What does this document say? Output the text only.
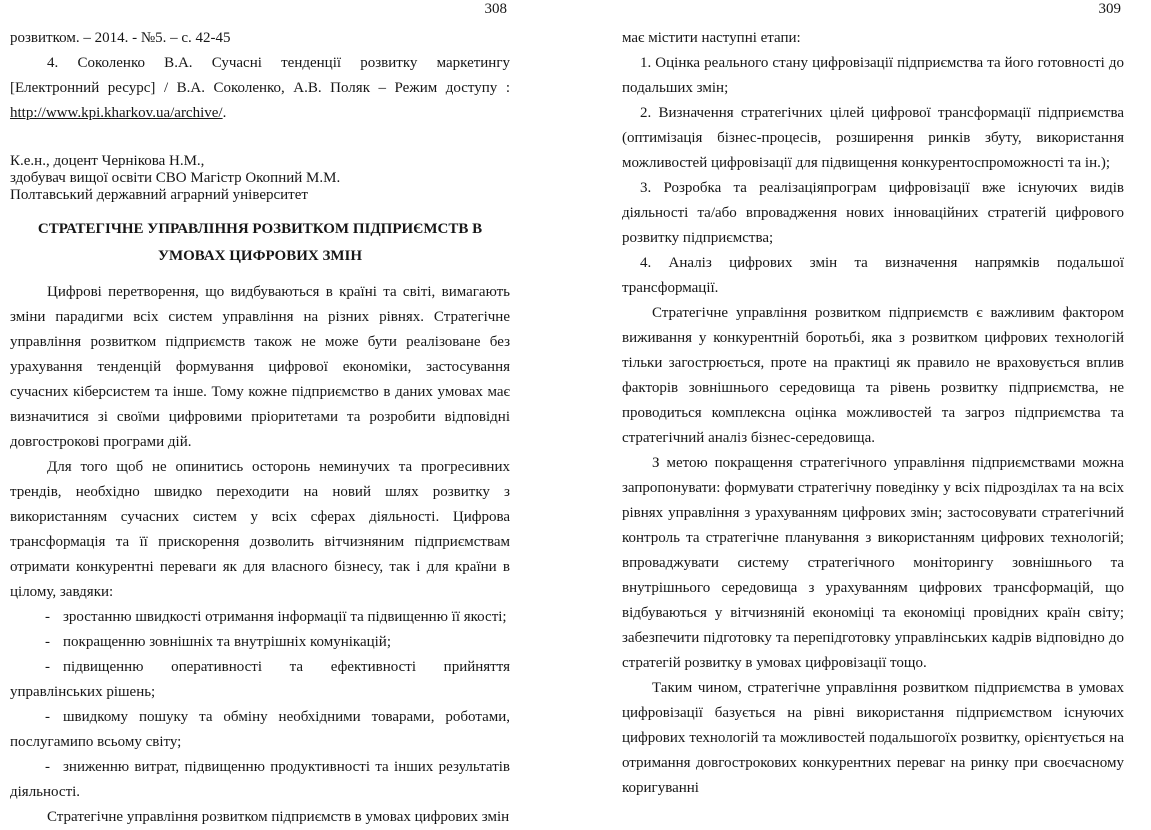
308

розвитком. – 2014. - №5. – с. 42-45

4. Соколенко В.А. Сучасні тенденції розвитку маркетингу [Електронний ресурс] / В.А. Соколенко, А.В. Поляк – Режим доступу : http://www.kpi.kharkov.ua/archive/.

К.е.н., доцент Чернікова Н.М.,

здобувач вищої освіти СВО Магістр Окопний М.М.

Полтавський державний аграрний університет

СТРАТЕГІЧНЕ УПРАВЛІННЯ РОЗВИТКОМ ПІДПРИЄМСТВ В

УМОВАХ ЦИФРОВИХ ЗМІН

Цифрові перетворення, що видбуваються в країні та світі, вимагають зміни парадигми всіх систем управління на різних рівнях. Стратегічне управління розвитком підприємств також не може бути реалізоване без урахування тенденцій формування цифрової економіки, застосування сучасних кіберсистем та інше. Тому кожне підприємство в даних умовах має визначитися зі своїми цифровими пріоритетами та розробити відповідні довгострокові програми дій.

Для того щоб не опинитись осторонь неминучих та прогресивних трендів, необхідно швидко переходити на новий шлях розвитку з використанням сучасних систем у всіх сферах діяльності. Цифрова трансформація та її прискорення дозволить вітчизняним підприємствам отримати конкурентні переваги як для власного бізнесу, так і для країни в цілому, завдяки:

- зростанню швидкості отримання інформації та підвищенню її якості;

- покращенню зовнішніх та внутрішніх комунікацій;

- підвищенню оперативності та ефективності прийняття управлінських рішень;

- швидкому пошуку та обміну необхідними товарами, роботами, послугамипо всьому світу;

- зниженню витрат, підвищенню продуктивності та інших результатів діяльності.

Стратегічне управління розвитком підприємств в умовах цифрових змін

309

має містити наступні етапи:

1. Оцінка реального стану цифровізації підприємства та його готовності до подальших змін;

2. Визначення стратегічних цілей цифрової трансформації підприємства (оптимізація бізнес-процесів, розширення ринків збуту, використання можливостей цифровізації для підвищення конкурентоспроможності та ін.);

3. Розробка та реалізаціяпрограм цифровізації вже існуючих видів діяльності та/або впровадження нових інноваційних стратегій цифрового розвитку підприємства;

4. Аналіз цифрових змін та визначення напрямків подальшої трансформації.

Стратегічне управління розвитком підприємств є важливим фактором виживання у конкурентній боротьбі, яка з розвитком цифрових технологій тільки загострюється, проте на практиці як правило не враховується вплив факторів зовнішнього середовища та рівень розвитку підприємства, не проводиться комплексна оцінка можливостей та загроз підприємства та стратегічний аналіз бізнес-середовища.

З метою покращення стратегічного управління підприємствами можна запропонувати: формувати стратегічну поведінку у всіх підрозділах та на всіх рівнях управління з урахуванням цифрових змін; застосовувати стратегічний контроль та стратегічне планування з використанням цифрових технологій; впроваджувати систему стратегічного моніторингу зовнішнього та внутрішнього середовища з урахуванням цифрових трансформацій, що відбуваються у вітчизняній економіці та економіці провідних країн світу; забезпечити підготовку та перепідготовку управлінських кадрів відповідно до стратегій розвитку в умовах цифровізації тощо.

Таким чином, стратегічне управління розвитком підприємства в умовах цифровізації базується на рівні використання підприємством існуючих цифрових технологій та можливостей подальшогоїх розвитку, орієнтується на отримання довгострокових конкурентних переваг на ринку при своєчасному коригуванні
